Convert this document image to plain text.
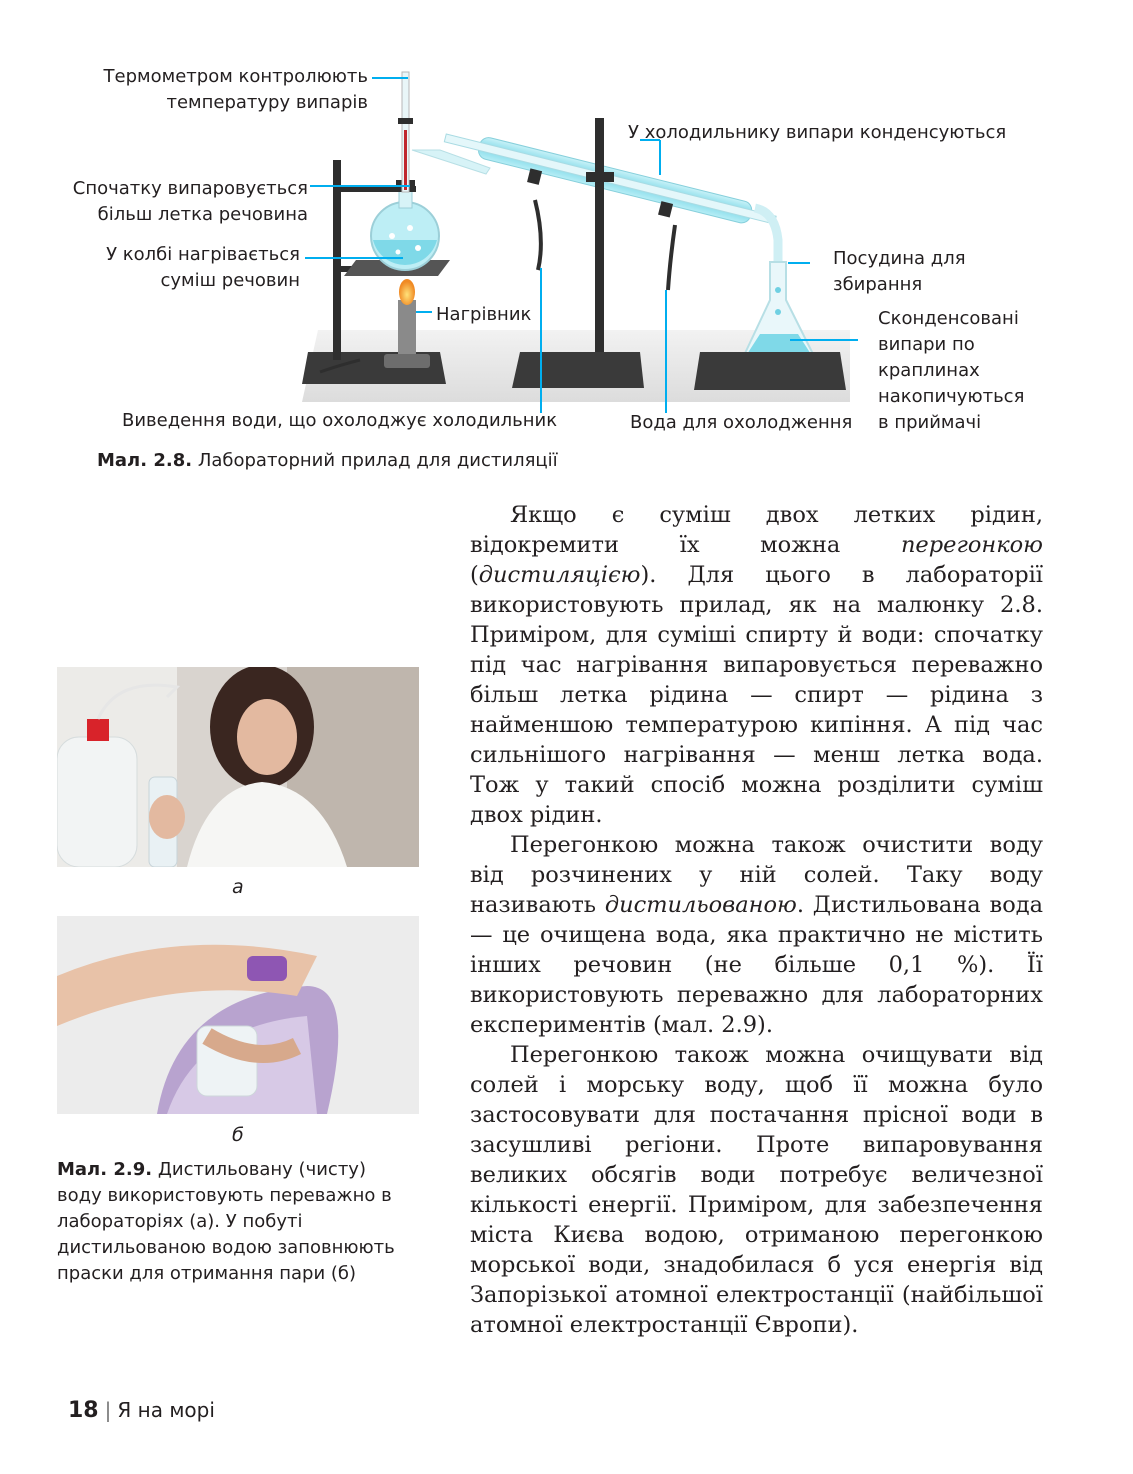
Термометром контролюють температуру випарів
Спочатку випаровується більш летка речовина
У колбі нагрівається суміш речовин
Нагрівник
У холодильнику випари конденсуються
Посудина для збирання
Сконденсовані випари по краплинах накопичуються в приймачі
Виведення води, що охолоджує холодильник	Вода для охолодження
Мал. 2.8. Лабораторний прилад для дистиляції

Якщо є суміш двох летких рідин, відокремити їх можна перегонкою (дистиляцією). Для цього в лабораторії використовують прилад, як на малюнку 2.8. Приміром, для суміші спирту й води: спочатку під час нагрівання випаровується переважно більш летка рідина — спирт — рідина з найменшою температурою кипіння. А під час сильнішого нагрівання — менш летка вода. Тож у такий спосіб можна розділити суміш двох рідин.

Перегонкою можна також очистити воду від розчинених у ній солей. Таку воду називають дистильованою. Дистильована вода — це очищена вода, яка практично не містить інших речовин (не більше 0,1 %). Її використовують переважно для лабораторних експериментів (мал. 2.9).

Перегонкою також можна очищувати від солей і морську воду, щоб її можна було застосовувати для постачання прісної води в засушливі регіони. Проте випаровування великих обсягів води потребує величезної кількості енергії. Приміром, для забезпечення міста Києва водою, отриманою перегонкою морської води, знадобилася б уся енергія від Запорізької атомної електростанції (найбільшої атомної електростанції Європи).

а
б
Мал. 2.9. Дистильовану (чисту) воду використовують переважно в лабораторіях (а). У побуті дистильованою водою заповнюють праски для отримання пари (б)
18 | Я на морі
